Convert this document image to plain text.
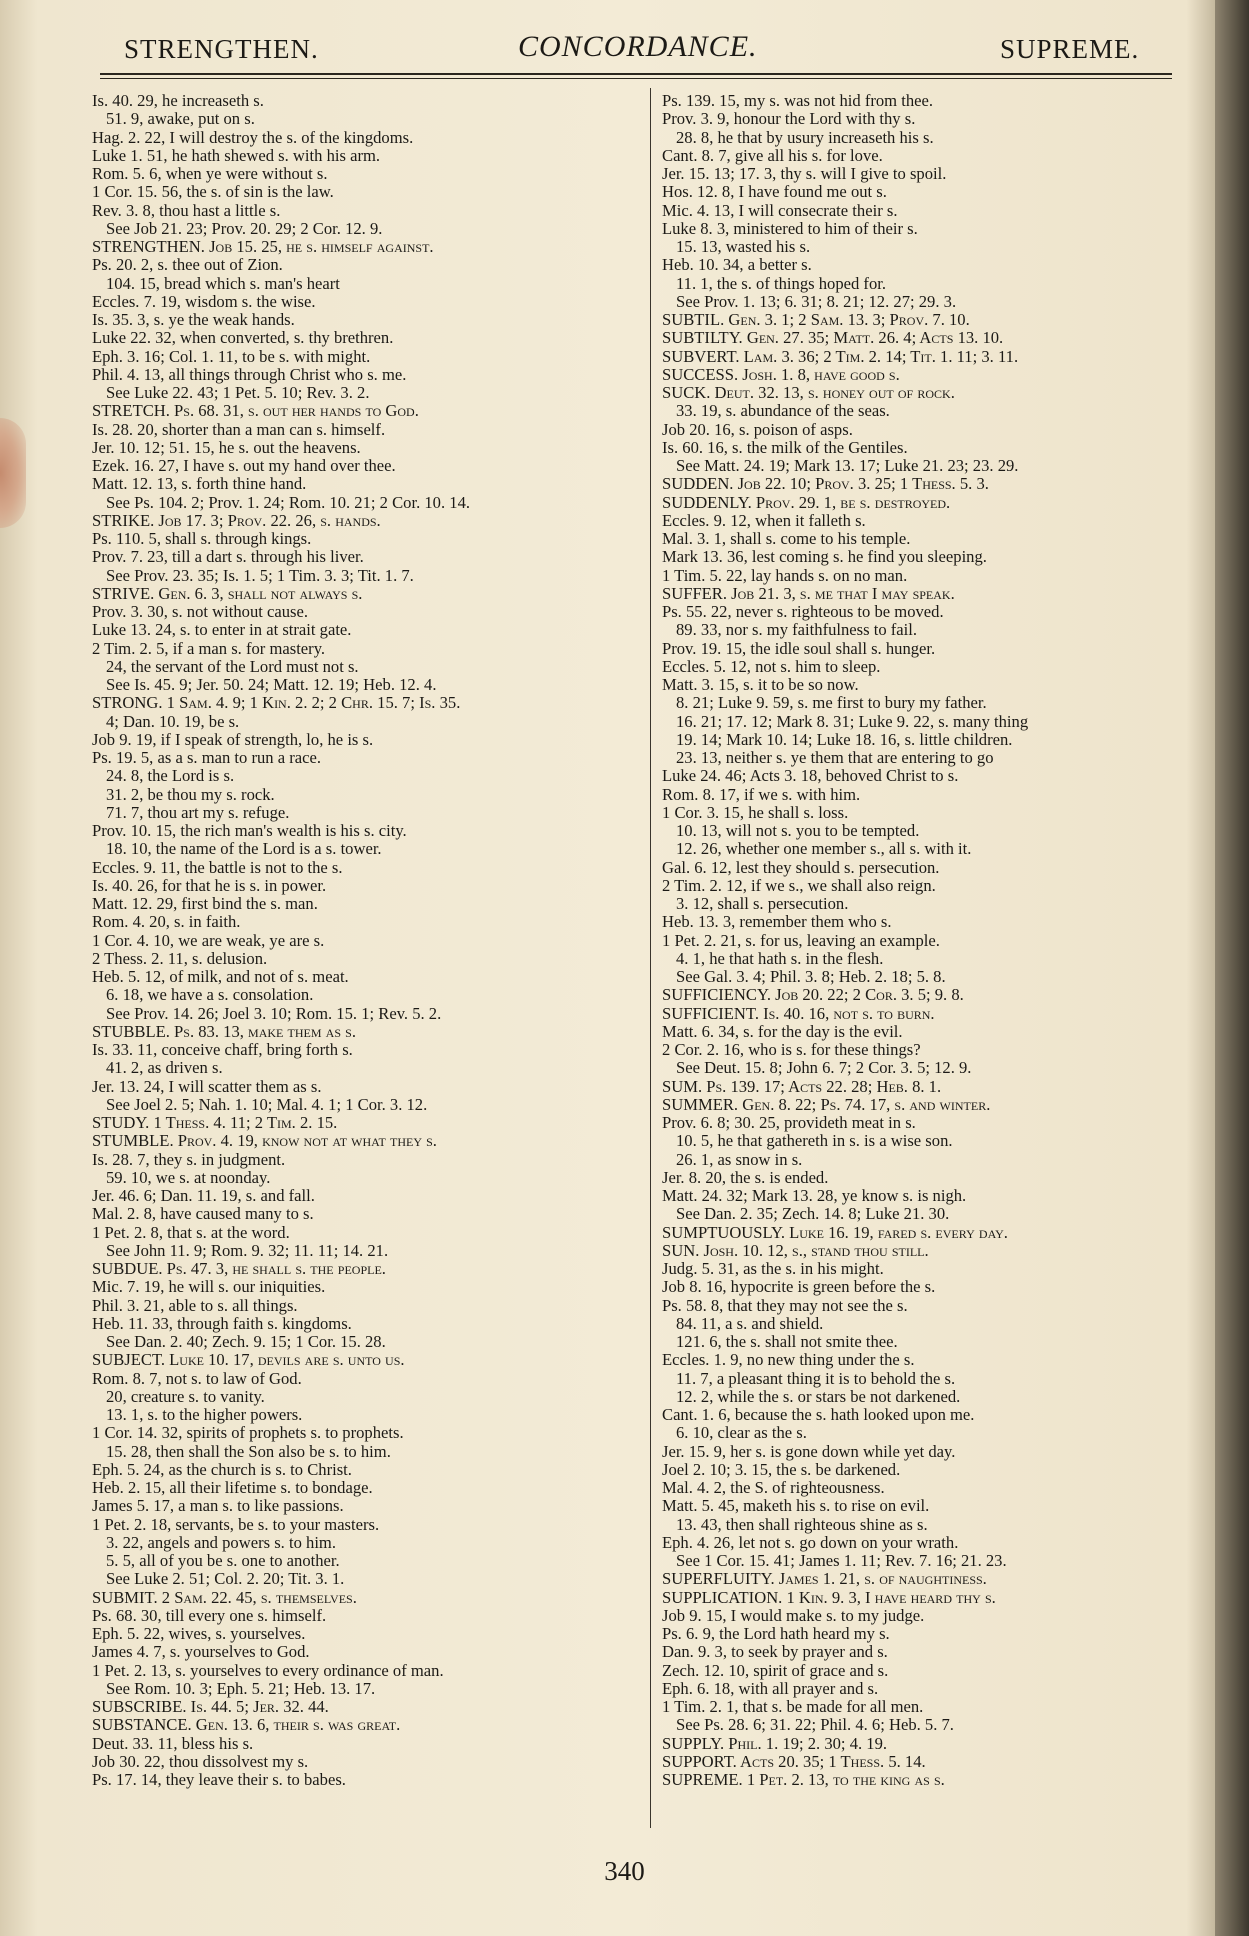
STRENGTHEN.	CONCORDANCE.	SUPREME.
Is. 40. 29, he increaseth s.
51. 9, awake, put on s.
Hag. 2. 22, I will destroy the s. of the kingdoms.
Luke 1. 51, he hath shewed s. with his arm.
Rom. 5. 6, when ye were without s.
1 Cor. 15. 56, the s. of sin is the law.
Rev. 3. 8, thou hast a little s.
See Job 21. 23; Prov. 20. 29; 2 Cor. 12. 9.
STRENGTHEN. Job 15. 25, he s. himself against.
Ps. 20. 2, s. thee out of Zion.
104. 15, bread which s. man's heart
Eccles. 7. 19, wisdom s. the wise.
Is. 35. 3, s. ye the weak hands.
Luke 22. 32, when converted, s. thy brethren.
Eph. 3. 16; Col. 1. 11, to be s. with might.
Phil. 4. 13, all things through Christ who s. me.
See Luke 22. 43; 1 Pet. 5. 10; Rev. 3. 2.
STRETCH. Ps. 68. 31, s. out her hands to God.
Is. 28. 20, shorter than a man can s. himself.
Jer. 10. 12; 51. 15, he s. out the heavens.
Ezek. 16. 27, I have s. out my hand over thee.
Matt. 12. 13, s. forth thine hand.
See Ps. 104. 2; Prov. 1. 24; Rom. 10. 21; 2 Cor. 10. 14.
STRIKE. Job 17. 3; Prov. 22. 26, s. hands.
Ps. 110. 5, shall s. through kings.
Prov. 7. 23, till a dart s. through his liver.
See Prov. 23. 35; Is. 1. 5; 1 Tim. 3. 3; Tit. 1. 7.
STRIVE. Gen. 6. 3, shall not always s.
Prov. 3. 30, s. not without cause.
Luke 13. 24, s. to enter in at strait gate.
2 Tim. 2. 5, if a man s. for mastery.
24, the servant of the Lord must not s.
See Is. 45. 9; Jer. 50. 24; Matt. 12. 19; Heb. 12. 4.
STRONG. 1 Sam. 4. 9; 1 Kin. 2. 2; 2 Chr. 15. 7; Is. 35.
4; Dan. 10. 19, be s.
Job 9. 19, if I speak of strength, lo, he is s.
Ps. 19. 5, as a s. man to run a race.
24. 8, the Lord is s.
31. 2, be thou my s. rock.
71. 7, thou art my s. refuge.
Prov. 10. 15, the rich man's wealth is his s. city.
18. 10, the name of the Lord is a s. tower.
Eccles. 9. 11, the battle is not to the s.
Is. 40. 26, for that he is s. in power.
Matt. 12. 29, first bind the s. man.
Rom. 4. 20, s. in faith.
1 Cor. 4. 10, we are weak, ye are s.
2 Thess. 2. 11, s. delusion.
Heb. 5. 12, of milk, and not of s. meat.
6. 18, we have a s. consolation.
See Prov. 14. 26; Joel 3. 10; Rom. 15. 1; Rev. 5. 2.
STUBBLE. Ps. 83. 13, make them as s.
Is. 33. 11, conceive chaff, bring forth s.
41. 2, as driven s.
Jer. 13. 24, I will scatter them as s.
See Joel 2. 5; Nah. 1. 10; Mal. 4. 1; 1 Cor. 3. 12.
STUDY. 1 Thess. 4. 11; 2 Tim. 2. 15.
STUMBLE. Prov. 4. 19, know not at what they s.
Is. 28. 7, they s. in judgment.
59. 10, we s. at noonday.
Jer. 46. 6; Dan. 11. 19, s. and fall.
Mal. 2. 8, have caused many to s.
1 Pet. 2. 8, that s. at the word.
See John 11. 9; Rom. 9. 32; 11. 11; 14. 21.
SUBDUE. Ps. 47. 3, he shall s. the people.
Mic. 7. 19, he will s. our iniquities.
Phil. 3. 21, able to s. all things.
Heb. 11. 33, through faith s. kingdoms.
See Dan. 2. 40; Zech. 9. 15; 1 Cor. 15. 28.
SUBJECT. Luke 10. 17, devils are s. unto us.
Rom. 8. 7, not s. to law of God.
20, creature s. to vanity.
13. 1, s. to the higher powers.
1 Cor. 14. 32, spirits of prophets s. to prophets.
15. 28, then shall the Son also be s. to him.
Eph. 5. 24, as the church is s. to Christ.
Heb. 2. 15, all their lifetime s. to bondage.
James 5. 17, a man s. to like passions.
1 Pet. 2. 18, servants, be s. to your masters.
3. 22, angels and powers s. to him.
5. 5, all of you be s. one to another.
See Luke 2. 51; Col. 2. 20; Tit. 3. 1.
SUBMIT. 2 Sam. 22. 45, s. themselves.
Ps. 68. 30, till every one s. himself.
Eph. 5. 22, wives, s. yourselves.
James 4. 7, s. yourselves to God.
1 Pet. 2. 13, s. yourselves to every ordinance of man.
See Rom. 10. 3; Eph. 5. 21; Heb. 13. 17.
SUBSCRIBE. Is. 44. 5; Jer. 32. 44.
SUBSTANCE. Gen. 13. 6, their s. was great.
Deut. 33. 11, bless his s.
Job 30. 22, thou dissolvest my s.
Ps. 17. 14, they leave their s. to babes.
Ps. 139. 15, my s. was not hid from thee.
Prov. 3. 9, honour the Lord with thy s.
28. 8, he that by usury increaseth his s.
Cant. 8. 7, give all his s. for love.
Jer. 15. 13; 17. 3, thy s. will I give to spoil.
Hos. 12. 8, I have found me out s.
Mic. 4. 13, I will consecrate their s.
Luke 8. 3, ministered to him of their s.
15. 13, wasted his s.
Heb. 10. 34, a better s.
11. 1, the s. of things hoped for.
See Prov. 1. 13; 6. 31; 8. 21; 12. 27; 29. 3.
SUBTIL. Gen. 3. 1; 2 Sam. 13. 3; Prov. 7. 10.
SUBTILTY. Gen. 27. 35; Matt. 26. 4; Acts 13. 10.
SUBVERT. Lam. 3. 36; 2 Tim. 2. 14; Tit. 1. 11; 3. 11.
SUCCESS. Josh. 1. 8, have good s.
SUCK. Deut. 32. 13, s. honey out of rock.
33. 19, s. abundance of the seas.
Job 20. 16, s. poison of asps.
Is. 60. 16, s. the milk of the Gentiles.
See Matt. 24. 19; Mark 13. 17; Luke 21. 23; 23. 29.
SUDDEN. Job 22. 10; Prov. 3. 25; 1 Thess. 5. 3.
SUDDENLY. Prov. 29. 1, be s. destroyed.
Eccles. 9. 12, when it falleth s.
Mal. 3. 1, shall s. come to his temple.
Mark 13. 36, lest coming s. he find you sleeping.
1 Tim. 5. 22, lay hands s. on no man.
SUFFER. Job 21. 3, s. me that I may speak.
Ps. 55. 22, never s. righteous to be moved.
89. 33, nor s. my faithfulness to fail.
Prov. 19. 15, the idle soul shall s. hunger.
Eccles. 5. 12, not s. him to sleep.
Matt. 3. 15, s. it to be so now.
8. 21; Luke 9. 59, s. me first to bury my father.
16. 21; 17. 12; Mark 8. 31; Luke 9. 22, s. many thing
19. 14; Mark 10. 14; Luke 18. 16, s. little children.
23. 13, neither s. ye them that are entering to go
Luke 24. 46; Acts 3. 18, behoved Christ to s.
Rom. 8. 17, if we s. with him.
1 Cor. 3. 15, he shall s. loss.
10. 13, will not s. you to be tempted.
12. 26, whether one member s., all s. with it.
Gal. 6. 12, lest they should s. persecution.
2 Tim. 2. 12, if we s., we shall also reign.
3. 12, shall s. persecution.
Heb. 13. 3, remember them who s.
1 Pet. 2. 21, s. for us, leaving an example.
4. 1, he that hath s. in the flesh.
See Gal. 3. 4; Phil. 3. 8; Heb. 2. 18; 5. 8.
SUFFICIENCY. Job 20. 22; 2 Cor. 3. 5; 9. 8.
SUFFICIENT. Is. 40. 16, not s. to burn.
Matt. 6. 34, s. for the day is the evil.
2 Cor. 2. 16, who is s. for these things?
See Deut. 15. 8; John 6. 7; 2 Cor. 3. 5; 12. 9.
SUM. Ps. 139. 17; Acts 22. 28; Heb. 8. 1.
SUMMER. Gen. 8. 22; Ps. 74. 17, s. and winter.
Prov. 6. 8; 30. 25, provideth meat in s.
10. 5, he that gathereth in s. is a wise son.
26. 1, as snow in s.
Jer. 8. 20, the s. is ended.
Matt. 24. 32; Mark 13. 28, ye know s. is nigh.
See Dan. 2. 35; Zech. 14. 8; Luke 21. 30.
SUMPTUOUSLY. Luke 16. 19, fared s. every day.
SUN. Josh. 10. 12, s., stand thou still.
Judg. 5. 31, as the s. in his might.
Job 8. 16, hypocrite is green before the s.
Ps. 58. 8, that they may not see the s.
84. 11, a s. and shield.
121. 6, the s. shall not smite thee.
Eccles. 1. 9, no new thing under the s.
11. 7, a pleasant thing it is to behold the s.
12. 2, while the s. or stars be not darkened.
Cant. 1. 6, because the s. hath looked upon me.
6. 10, clear as the s.
Jer. 15. 9, her s. is gone down while yet day.
Joel 2. 10; 3. 15, the s. be darkened.
Mal. 4. 2, the S. of righteousness.
Matt. 5. 45, maketh his s. to rise on evil.
13. 43, then shall righteous shine as s.
Eph. 4. 26, let not s. go down on your wrath.
See 1 Cor. 15. 41; James 1. 11; Rev. 7. 16; 21. 23.
SUPERFLUITY. James 1. 21, s. of naughtiness.
SUPPLICATION. 1 Kin. 9. 3, I have heard thy s.
Job 9. 15, I would make s. to my judge.
Ps. 6. 9, the Lord hath heard my s.
Dan. 9. 3, to seek by prayer and s.
Zech. 12. 10, spirit of grace and s.
Eph. 6. 18, with all prayer and s.
1 Tim. 2. 1, that s. be made for all men.
See Ps. 28. 6; 31. 22; Phil. 4. 6; Heb. 5. 7.
SUPPLY. Phil. 1. 19; 2. 30; 4. 19.
SUPPORT. Acts 20. 35; 1 Thess. 5. 14.
SUPREME. 1 Pet. 2. 13, to the king as s.
340
